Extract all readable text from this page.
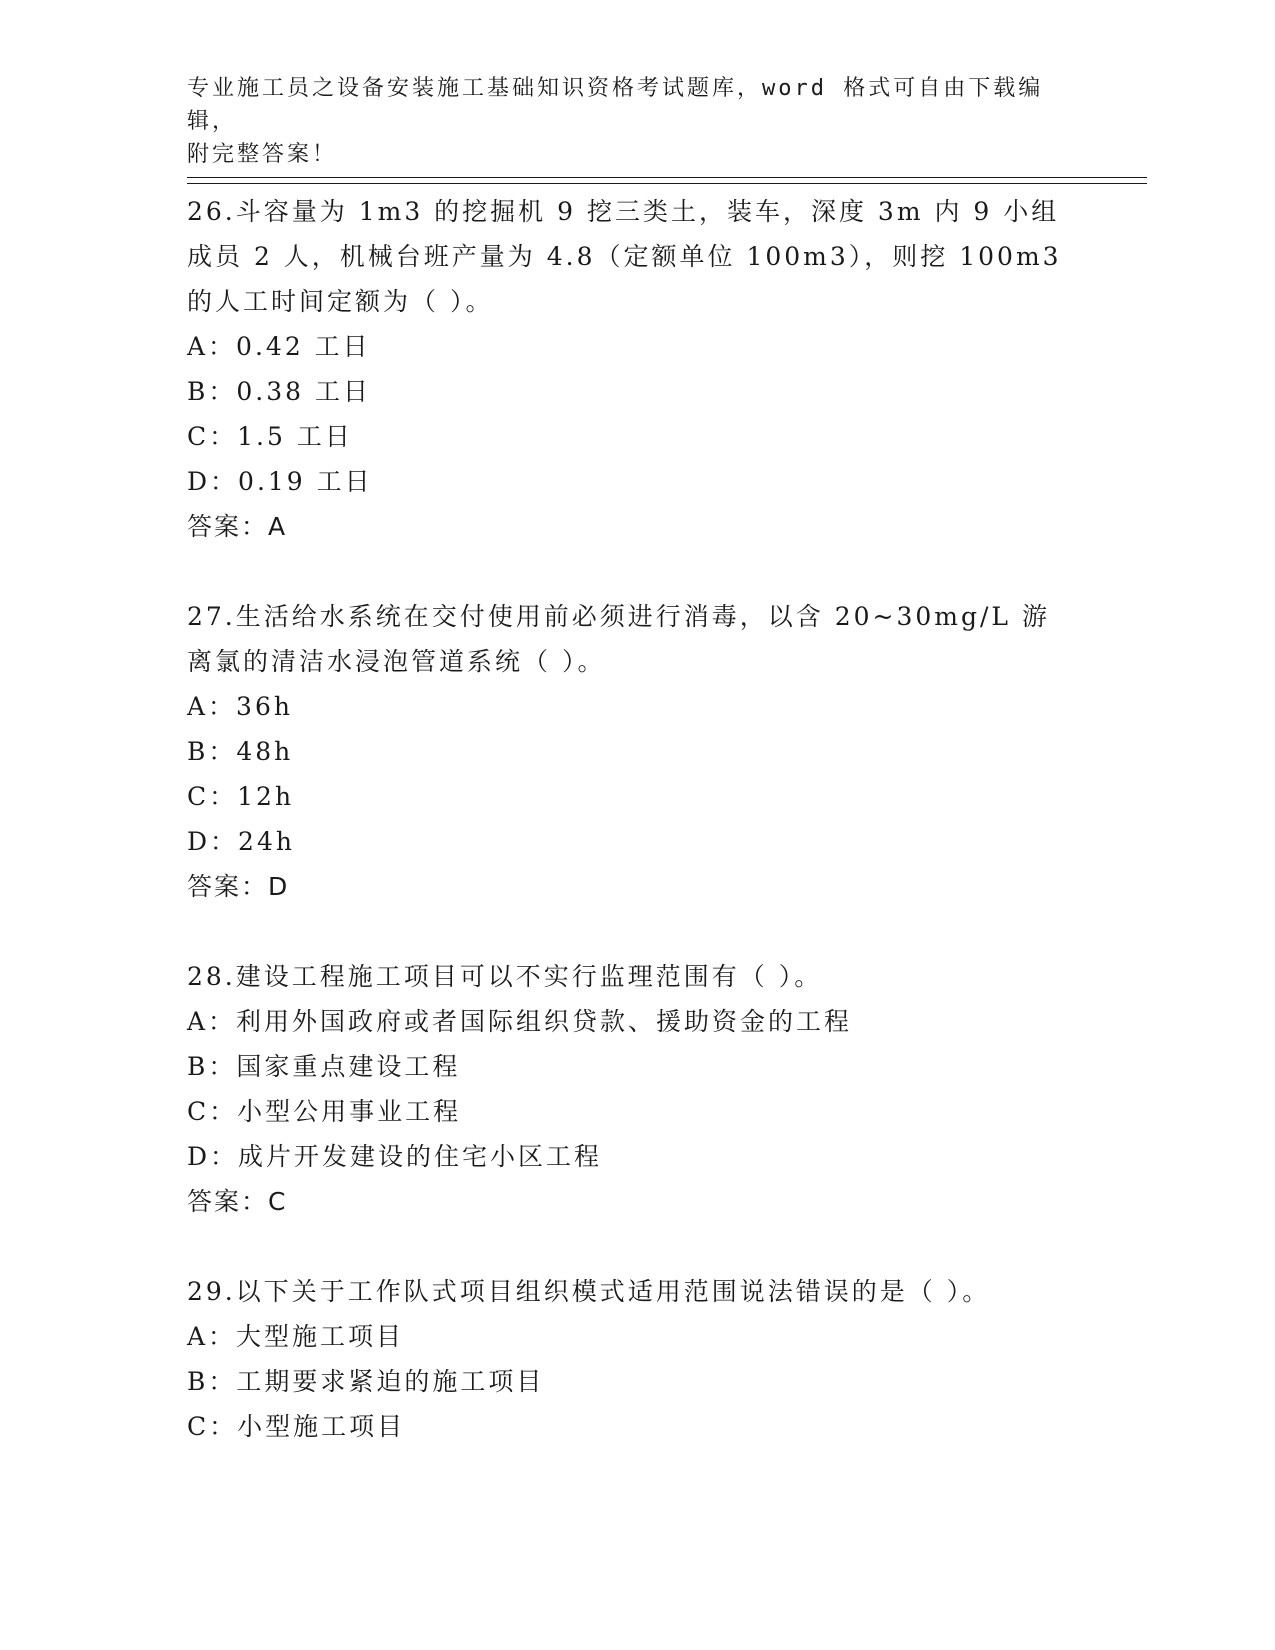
专业施工员之设备安装施工基础知识资格考试题库，word 格式可自由下载编辑，
附完整答案！
26.斗容量为 1m3 的挖掘机 9 挖三类土，装车，深度 3m 内 9 小组成员 2 人，机械台班产量为 4.8（定额单位 100m3），则挖 100m3 的人工时间定额为（ ）。
A：0.42 工日
B：0.38 工日
C：1.5 工日
D：0.19 工日
答案：A
27.生活给水系统在交付使用前必须进行消毒，以含 20~30mg/L 游离氯的清洁水浸泡管道系统（ ）。
A：36h
B：48h
C：12h
D：24h
答案：D
28.建设工程施工项目可以不实行监理范围有（ ）。
A：利用外国政府或者国际组织贷款、援助资金的工程
B：国家重点建设工程
C：小型公用事业工程
D：成片开发建设的住宅小区工程
答案：C
29.以下关于工作队式项目组织模式适用范围说法错误的是（ ）。
A：大型施工项目
B：工期要求紧迫的施工项目
C：小型施工项目
